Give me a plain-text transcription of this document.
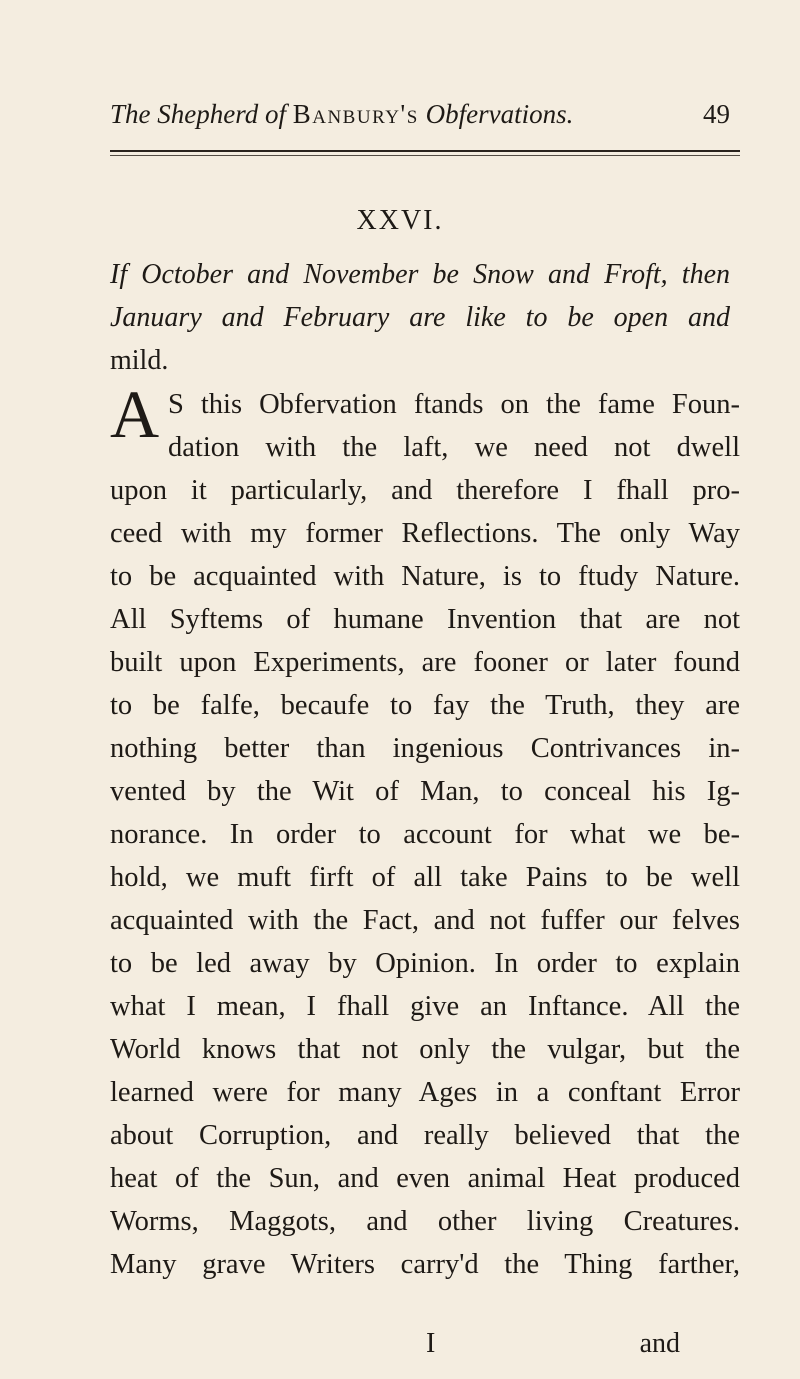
The Shepherd of Banbury's Obfervations.	49
XXVI.
If October and November be Snow and Froft, then
January and February are like to be open and
mild.
A S this Obfervation ftands on the fame Foun-
dation with the laft, we need not dwell
upon it particularly, and therefore I fhall pro-
ceed with my former Reflections. The only Way
to be acquainted with Nature, is to ftudy Nature.
All Syftems of humane Invention that are not
built upon Experiments, are fooner or later found
to be falfe, becaufe to fay the Truth, they are
nothing better than ingenious Contrivances in-
vented by the Wit of Man, to conceal his Ig-
norance. In order to account for what we be-
hold, we muft firft of all take Pains to be well
acquainted with the Fact, and not fuffer our felves
to be led away by Opinion. In order to explain
what I mean, I fhall give an Inftance. All the
World knows that not only the vulgar, but the
learned were for many Ages in a conftant Error
about Corruption, and really believed that the
heat of the Sun, and even animal Heat produced
Worms, Maggots, and other living Creatures.
Many grave Writers carry'd the Thing farther,
I	and
